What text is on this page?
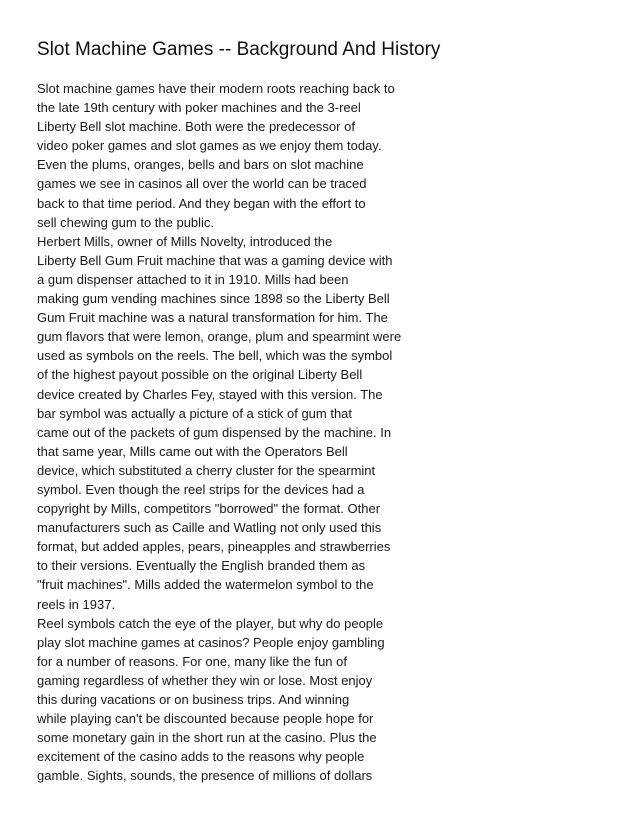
Slot Machine Games -- Background And History
Slot machine games have their modern roots reaching back to
the late 19th century with poker machines and the 3-reel
Liberty Bell slot machine. Both were the predecessor of
video poker games and slot games as we enjoy them today.
Even the plums, oranges, bells and bars on slot machine
games we see in casinos all over the world can be traced
back to that time period. And they began with the effort to
sell chewing gum to the public.
Herbert Mills, owner of Mills Novelty, introduced the
Liberty Bell Gum Fruit machine that was a gaming device with
a gum dispenser attached to it in 1910. Mills had been
making gum vending machines since 1898 so the Liberty Bell
Gum Fruit machine was a natural transformation for him. The
gum flavors that were lemon, orange, plum and spearmint were
used as symbols on the reels. The bell, which was the symbol
of the highest payout possible on the original Liberty Bell
device created by Charles Fey, stayed with this version. The
bar symbol was actually a picture of a stick of gum that
came out of the packets of gum dispensed by the machine. In
that same year, Mills came out with the Operators Bell
device, which substituted a cherry cluster for the spearmint
symbol. Even though the reel strips for the devices had a
copyright by Mills, competitors "borrowed" the format. Other
manufacturers such as Caille and Watling not only used this
format, but added apples, pears, pineapples and strawberries
to their versions. Eventually the English branded them as
"fruit machines". Mills added the watermelon symbol to the
reels in 1937.
Reel symbols catch the eye of the player, but why do people
play slot machine games at casinos? People enjoy gambling
for a number of reasons. For one, many like the fun of
gaming regardless of whether they win or lose. Most enjoy
this during vacations or on business trips. And winning
while playing can't be discounted because people hope for
some monetary gain in the short run at the casino. Plus the
excitement of the casino adds to the reasons why people
gamble. Sights, sounds, the presence of millions of dollars
